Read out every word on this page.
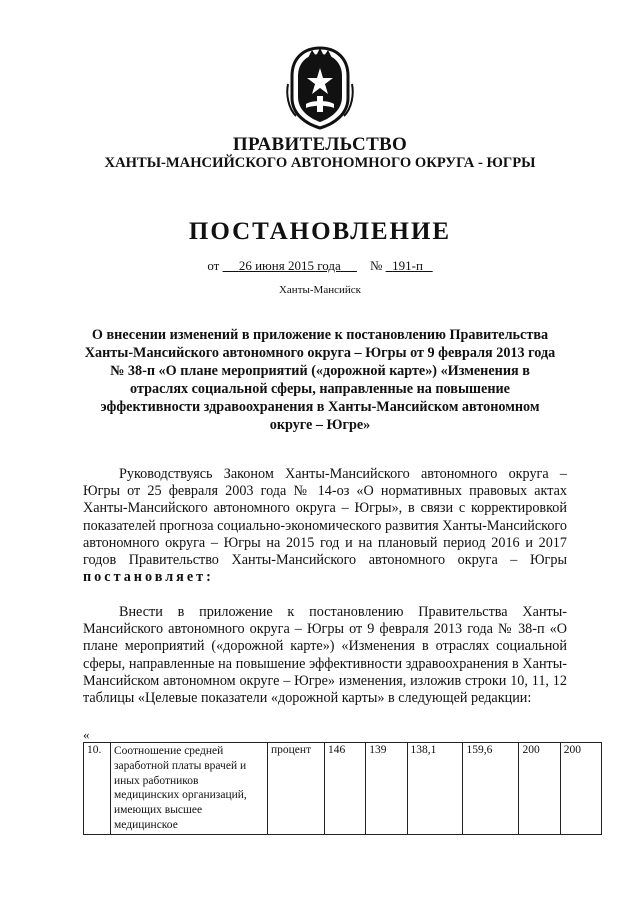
ПРАВИТЕЛЬСТВО
ХАНТЫ-МАНСИЙСКОГО АВТОНОМНОГО ОКРУГА - ЮГРЫ
ПОСТАНОВЛЕНИЕ
от 26 июня 2015 года № 191-п
Ханты-Мансийск
О внесении изменений в приложение к постановлению Правительства Ханты-Мансийского автономного округа – Югры от 9 февраля 2013 года № 38-п «О плане мероприятий («дорожной карте») «Изменения в отраслях социальной сферы, направленные на повышение эффективности здравоохранения в Ханты-Мансийском автономном округе – Югре»

Руководствуясь Законом Ханты-Мансийского автономного округа – Югры от 25 февраля 2003 года № 14-оз «О нормативных правовых актах Ханты-Мансийского автономного округа – Югры», в связи с корректировкой показателей прогноза социально-экономического развития Ханты-Мансийского автономного округа – Югры на 2015 год и на плановый период 2016 и 2017 годов Правительство Ханты-Мансийского автономного округа – Югры постановляет:

Внести в приложение к постановлению Правительства Ханты-Мансийского автономного округа – Югры от 9 февраля 2013 года № 38-п «О плане мероприятий («дорожной карте») «Изменения в отраслях социальной сферы, направленные на повышение эффективности здравоохранения в Ханты-Мансийском автономном округе – Югре» изменения, изложив строки 10, 11, 12 таблицы «Целевые показатели «дорожной карты» в следующей редакции:

«
10.	Соотношение средней заработной платы врачей и иных работников медицинских организаций, имеющих высшее медицинское	процент	146	139	138,1	159,6	200	200
